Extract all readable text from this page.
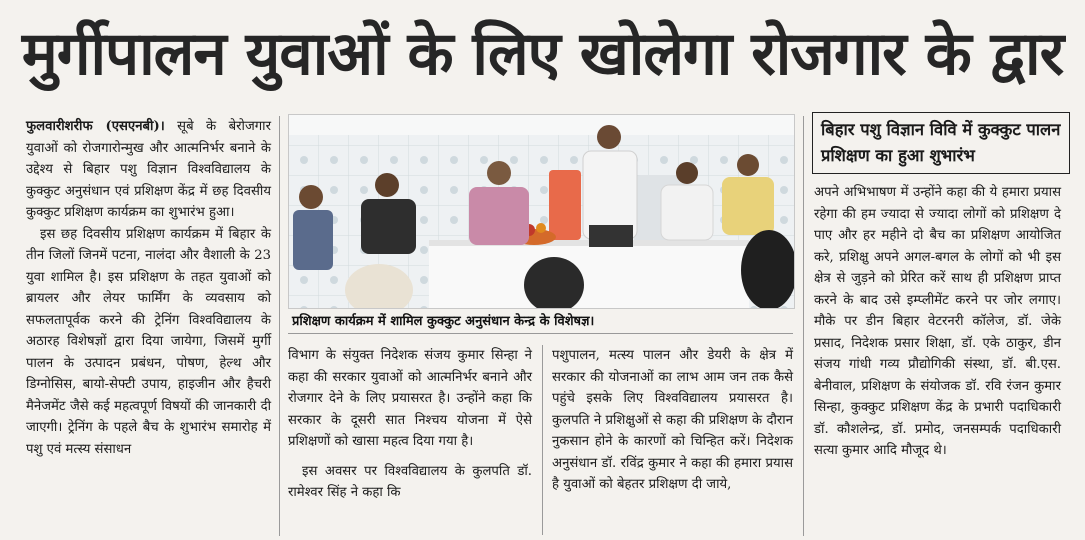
मुर्गीपालन युवाओं के लिए खोलेगा रोजगार के द्वार

फुलवारीशरीफ (एसएनबी)। सूबे के बेरोजगार युवाओं को रोजगारोन्मुख और आत्मनिर्भर बनाने के उद्देश्य से बिहार पशु विज्ञान विश्वविद्यालय के कुक्कुट अनुसंधान एवं प्रशिक्षण केंद्र में छह दिवसीय कुक्कुट प्रशिक्षण कार्यक्रम का शुभारंभ हुआ।

इस छह दिवसीय प्रशिक्षण कार्यक्रम में बिहार के तीन जिलों जिनमें पटना, नालंदा और वैशाली के 23 युवा शामिल है। इस प्रशिक्षण के तहत युवाओं को ब्रायलर और लेयर फार्मिंग के व्यवसाय को सफलतापूर्वक करने की ट्रेनिंग विश्वविद्यालय के अठारह विशेषज्ञों द्वारा दिया जायेगा, जिसमें मुर्गी पालन के उत्पादन प्रबंधन, पोषण, हेल्थ और डिग्नोसिस, बायो-सेफ्टी उपाय, हाइजीन और हैचरी मैनेजमेंट जैसे कई महत्वपूर्ण विषयों की जानकारी दी जाएगी। ट्रेनिंग के पहले बैच के शुभारंभ समारोह में पशु एवं मत्स्य संसाधन

प्रशिक्षण कार्यक्रम में शामिल कुक्कुट अनुसंधान केन्द्र के विशेषज्ञ।

विभाग के संयुक्त निदेशक संजय कुमार सिन्हा ने कहा की सरकार युवाओं को आत्मनिर्भर बनाने और रोजगार देने के लिए प्रयासरत है। उन्होंने कहा कि सरकार के दूसरी सात निश्चय योजना में ऐसे प्रशिक्षणों को खासा महत्व दिया गया है।

इस अवसर पर विश्वविद्यालय के कुलपति डॉ. रामेश्वर सिंह ने कहा कि

पशुपालन, मत्स्य पालन और डेयरी के क्षेत्र में सरकार की योजनाओं का लाभ आम जन तक कैसे पहुंचे इसके लिए विश्वविद्यालय प्रयासरत है। कुलपति ने प्रशिक्षुओं से कहा की प्रशिक्षण के दौरान नुकसान होने के कारणों को चिन्हित करें। निदेशक अनुसंधान डॉ. रविंद्र कुमार ने कहा की हमारा प्रयास है युवाओं को बेहतर प्रशिक्षण दी जाये,

बिहार पशु विज्ञान विवि में कुक्कुट पालन प्रशिक्षण का हुआ शुभारंभ

अपने अभिभाषण में उन्होंने कहा की ये हमारा प्रयास रहेगा की हम ज्यादा से ज्यादा लोगों को प्रशिक्षण दे पाए और हर महीने दो बैच का प्रशिक्षण आयोजित करे, प्रशिक्षु अपने अगल-बगल के लोगों को भी इस क्षेत्र से जुड़ने को प्रेरित करें साथ ही प्रशिक्षण प्राप्त करने के बाद उसे इम्प्लीमेंट करने पर जोर लगाए। मौके पर डीन बिहार वेटरनरी कॉलेज, डॉ. जेके प्रसाद, निदेशक प्रसार शिक्षा, डॉ. एके ठाकुर, डीन संजय गांधी गव्य प्रौद्योगिकी संस्था, डॉ. बी.एस. बेनीवाल, प्रशिक्षण के संयोजक डॉ. रवि रंजन कुमार सिन्हा, कुक्कुट प्रशिक्षण केंद्र के प्रभारी पदाधिकारी डॉ. कौशलेन्द्र, डॉ. प्रमोद, जनसम्पर्क पदाधिकारी सत्या कुमार आदि मौजूद थे।
